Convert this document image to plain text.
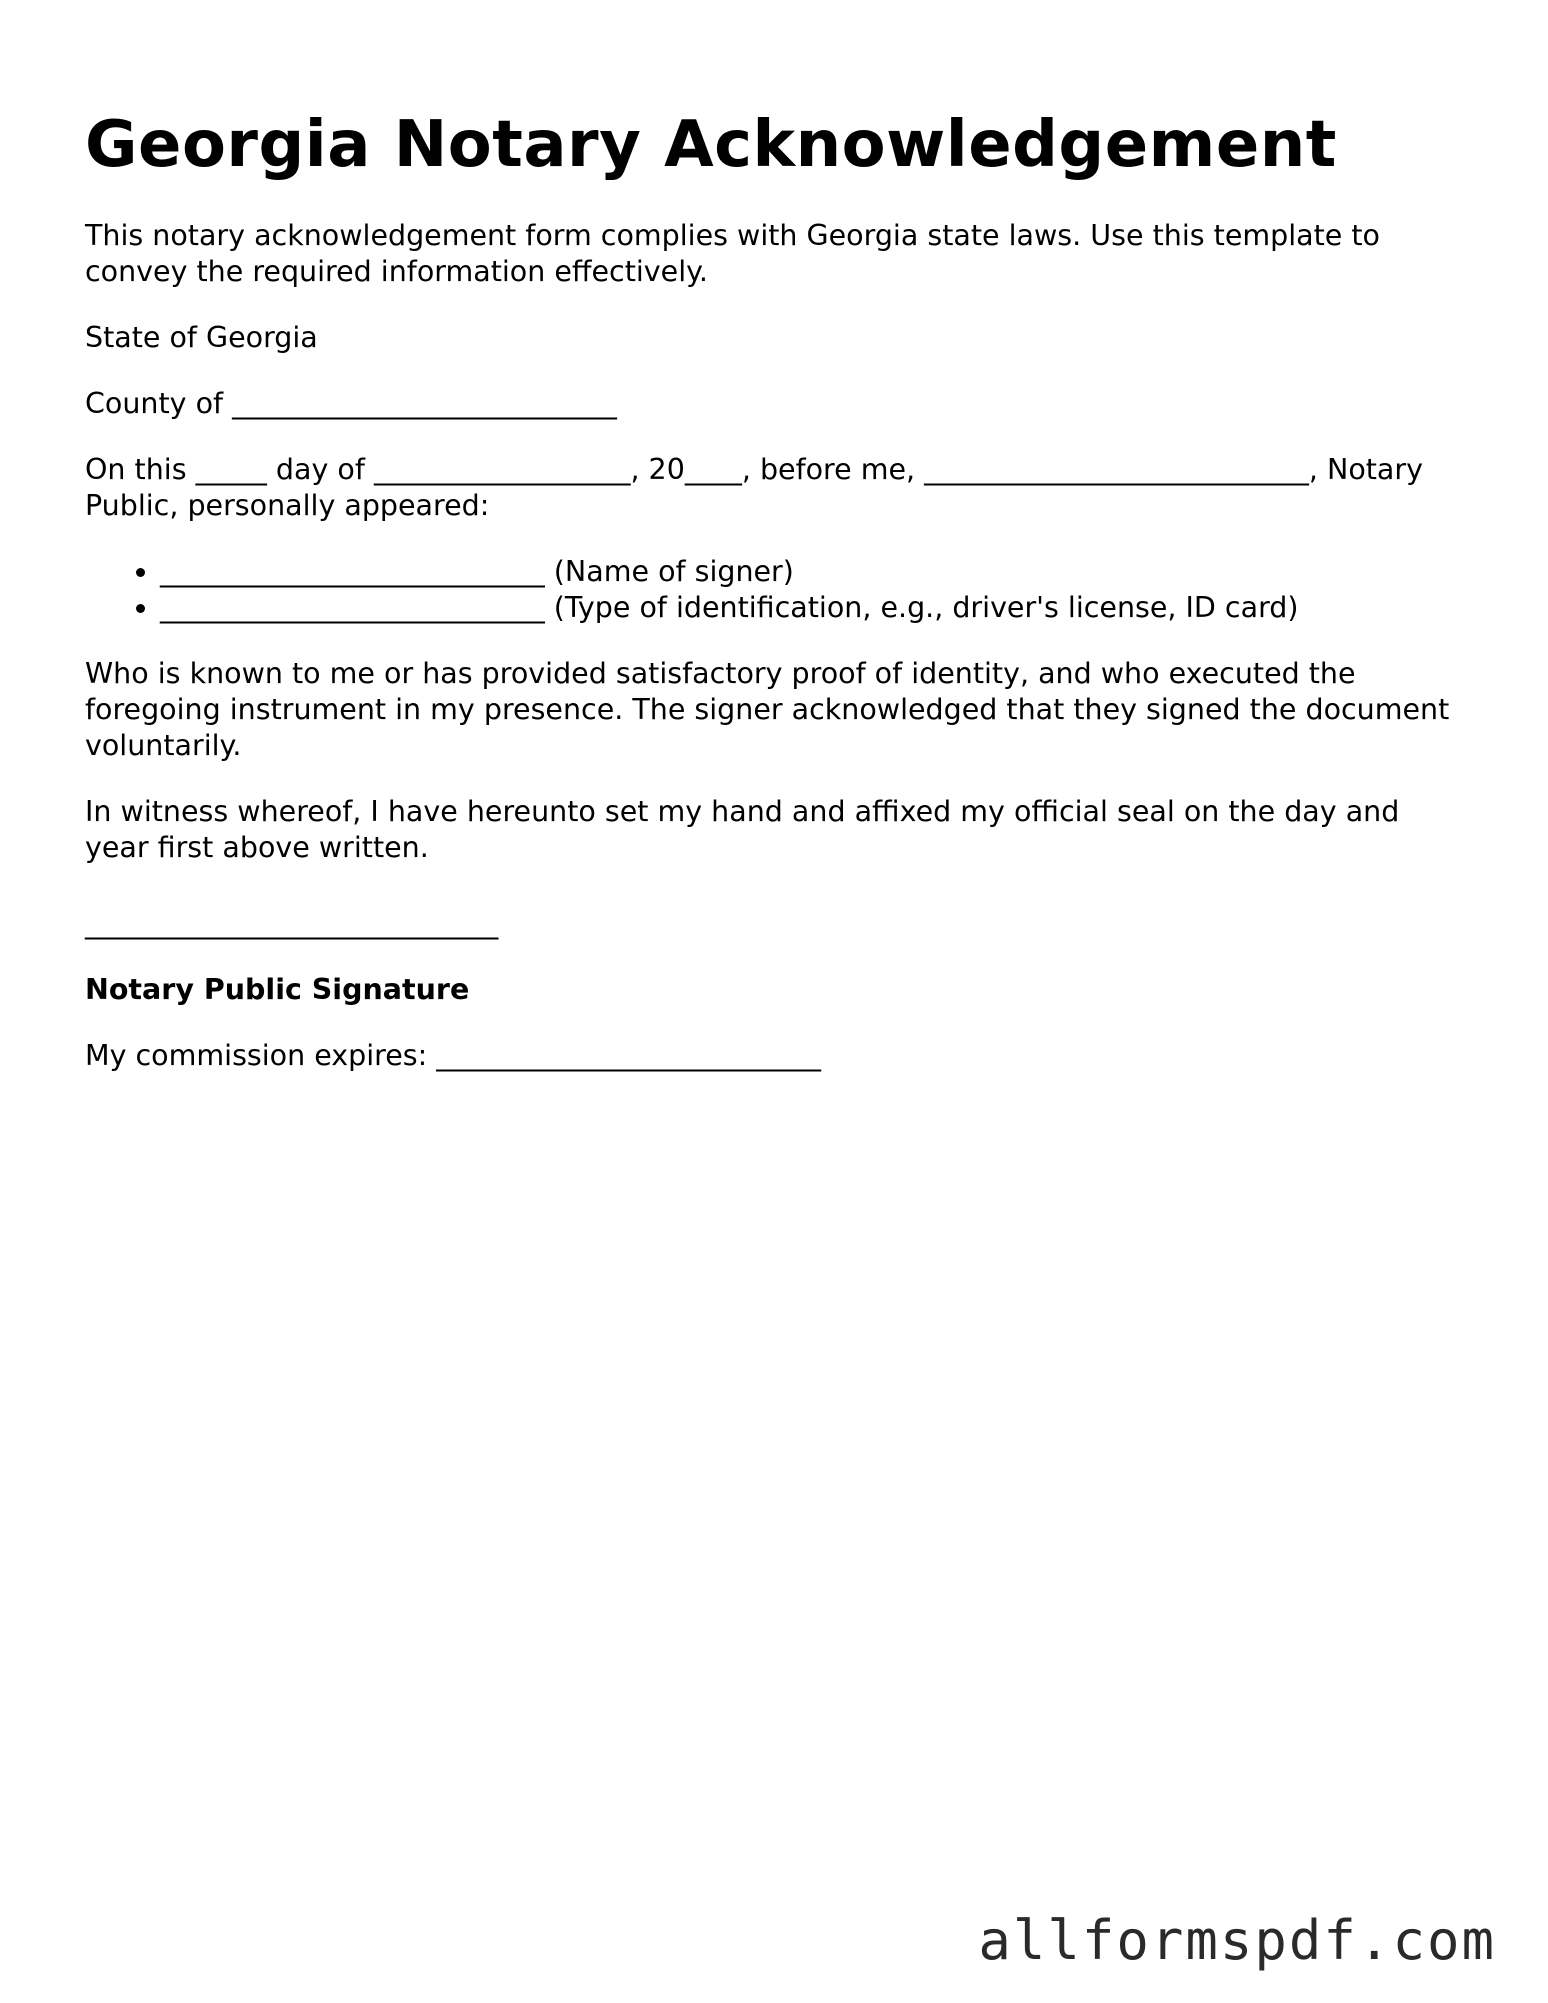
Georgia Notary Acknowledgement

This notary acknowledgement form complies with Georgia state laws. Use this template to convey the required information effectively.

State of Georgia

County of ___________________________

On this _____ day of __________________, 20____, before me, ___________________________, Notary Public, personally appeared:

• ___________________________ (Name of signer)
• ___________________________ (Type of identification, e.g., driver's license, ID card)

Who is known to me or has provided satisfactory proof of identity, and who executed the foregoing instrument in my presence. The signer acknowledged that they signed the document voluntarily.

In witness whereof, I have hereunto set my hand and affixed my official seal on the day and year first above written.

_____________________________

Notary Public Signature

My commission expires: ___________________________

allformspdf.com
